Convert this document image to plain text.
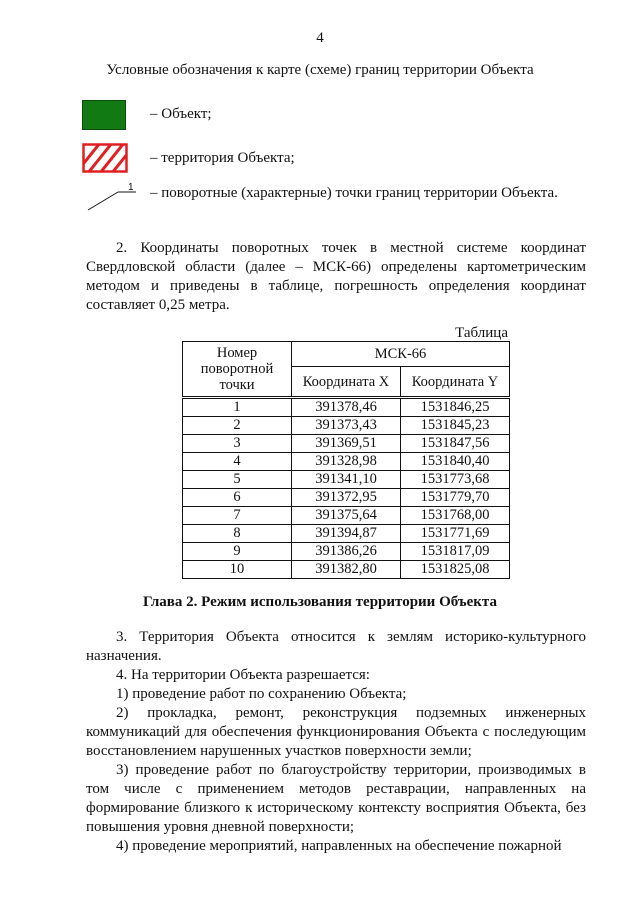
4
Условные обозначения к карте (схеме) границ территории Объекта
– Объект;
– территория Объекта;
1 – поворотные (характерные) точки границ территории Объекта.
2. Координаты поворотных точек в местной системе координат Свердловской области (далее – МСК-66) определены картометрическим методом и приведены в таблице, погрешность определения координат составляет 0,25 метра.
Таблица
Номер поворотной точки	МСК-66	
	Координата X	Координата Y
1	391378,46	1531846,25
2	391373,43	1531845,23
3	391369,51	1531847,56
4	391328,98	1531840,40
5	391341,10	1531773,68
6	391372,95	1531779,70
7	391375,64	1531768,00
8	391394,87	1531771,69
9	391386,26	1531817,09
10	391382,80	1531825,08
Глава 2. Режим использования территории Объекта
3. Территория Объекта относится к землям историко-культурного назначения.
4. На территории Объекта разрешается:
1) проведение работ по сохранению Объекта;
2) прокладка, ремонт, реконструкция подземных инженерных коммуникаций для обеспечения функционирования Объекта с последующим восстановлением нарушенных участков поверхности земли;
3) проведение работ по благоустройству территории, производимых в том числе с применением методов реставрации, направленных на формирование близкого к историческому контексту восприятия Объекта, без повышения уровня дневной поверхности;
4) проведение мероприятий, направленных на обеспечение пожарной
